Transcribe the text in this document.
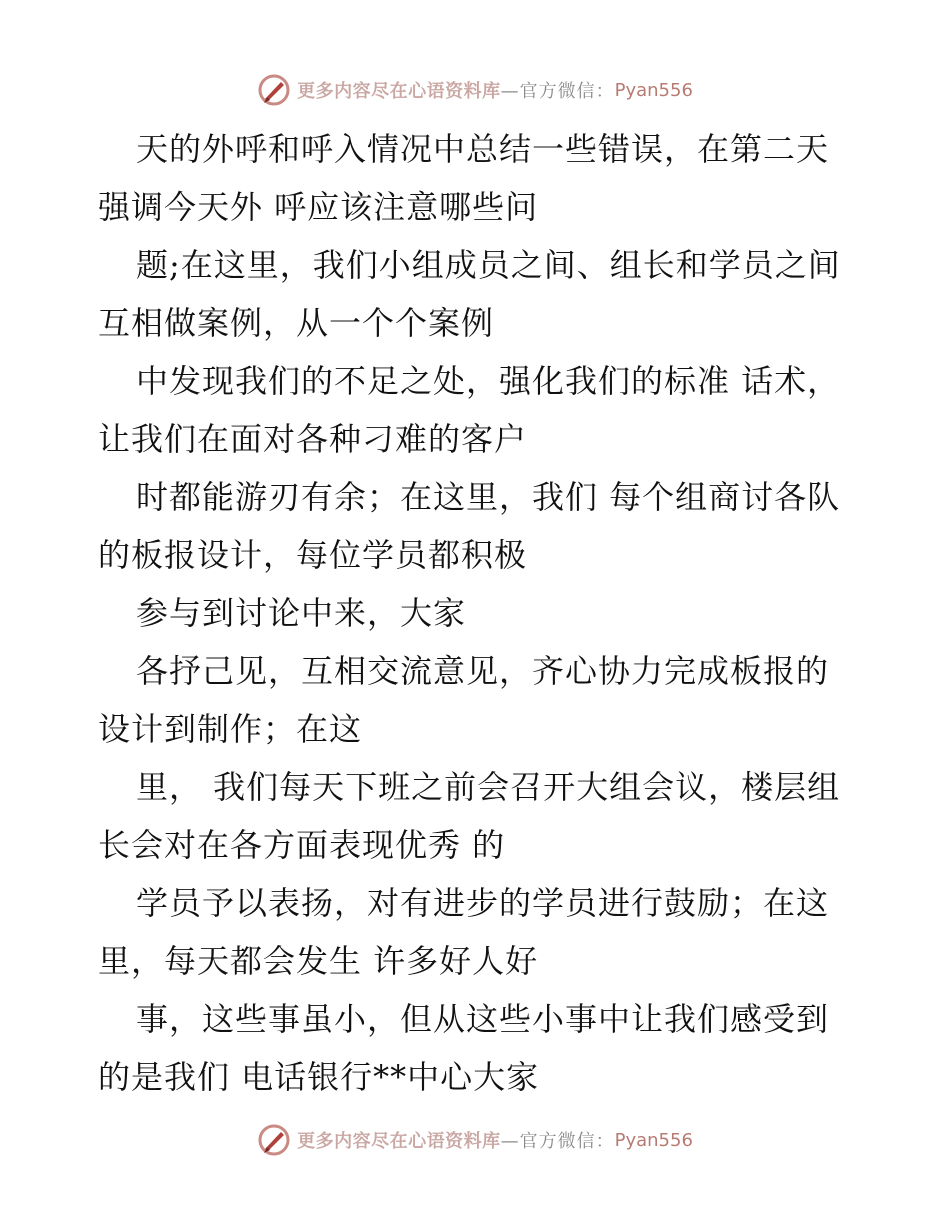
更多内容尽在心语资料库 —官方微信： Pyan556

天的外呼和呼入情况中总结一些错误，在第二天强调今天外 呼应该注意哪些问

题;在这里，我们小组成员之间、组长和学员之间 互相做案例，从一个个案例

中发现我们的不足之处，强化我们的标准 话术，让我们在面对各种刁难的客户

时都能游刃有余；在这里，我们 每个组商讨各队的板报设计，每位学员都积极

参与到讨论中来，大家

各抒己见，互相交流意见，齐心协力完成板报的设计到制作；在这

里， 我们每天下班之前会召开大组会议，楼层组长会对在各方面表现优秀 的

学员予以表扬，对有进步的学员进行鼓励；在这里，每天都会发生 许多好人好

事，这些事虽小，但从这些小事中让我们感受到的是我们 电话银行**中心大家

更多内容尽在心语资料库 —官方微信： Pyan556
